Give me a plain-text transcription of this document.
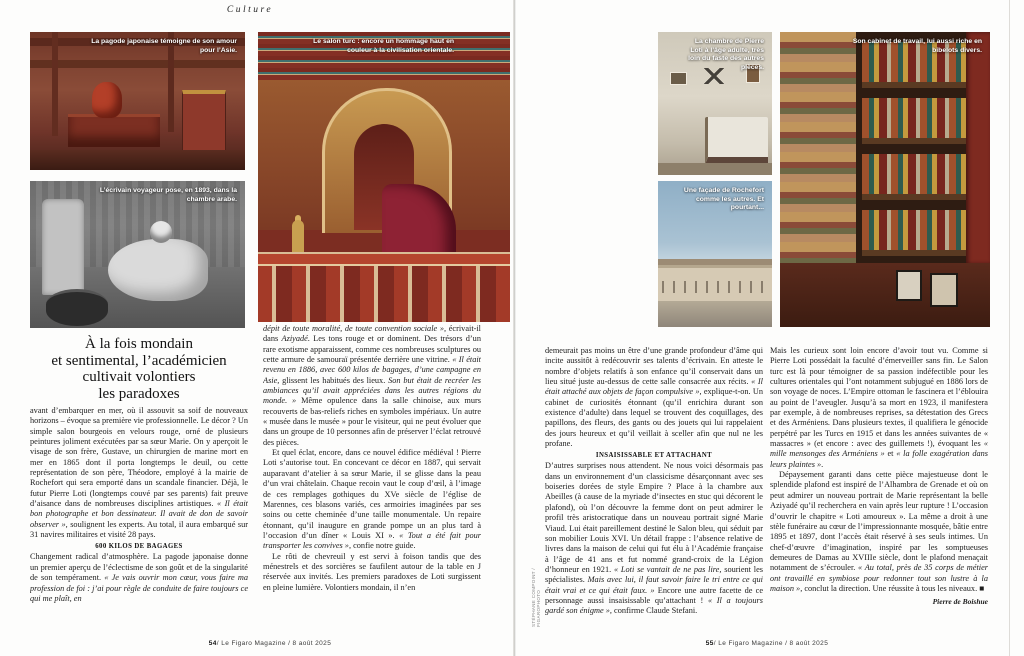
Culture
La pagode japonaise témoigne de son amour pour l’Asie.
L’écrivain voyageur pose, en 1893, dans la chambre arabe.
Le salon turc : encore un hommage haut en couleur à la civilisation orientale.
La chambre de Pierre Loti à l’âge adulte, très loin du faste des autres pièces.
Une façade de Rochefort comme les autres. Et pourtant...
Son cabinet de travail, lui aussi riche en bibelots divers.
À la fois mondain
et sentimental, l’académicien
cultivait volontiers
les paradoxes

avant d’embarquer en mer, où il assouvit sa soif de nouveaux horizons – évoque sa première vie professionnelle. Le décor ? Un simple salon bourgeois en velours rouge, orné de plusieurs peintures joliment exécutées par sa sœur Marie. On y aperçoit le visage de son frère, Gustave, un chirurgien de marine mort en mer en 1865 dont il porta longtemps le deuil, ou cette représentation de son père, Théodore, employé à la mairie de Rochefort qui sera emporté dans un scandale financier. Déjà, le futur Pierre Loti (longtemps couvé par ses parents) fait preuve d’aisance dans de nombreuses disciplines artistiques. « Il était bon photographe et bon dessinateur. Il avait de don de savoir observer », soulignent les experts. Au total, il aura embarqué sur 31 navires militaires et visité 28 pays.

600 KILOS DE BAGAGES

Changement radical d’atmosphère. La pagode japonaise donne un premier aperçu de l’éclectisme de son goût et de la singularité de son tempérament. « Je vais ouvrir mon cœur, vous faire ma profession de foi : j’ai pour règle de conduite de faire toujours ce qui me plaît, en

dépit de toute moralité, de toute convention sociale », écrivait-il dans Aziyadé. Les tons rouge et or dominent. Des trésors d’un rare exotisme apparaissent, comme ces nombreuses sculptures ou cette armure de samouraï présentée derrière une vitrine. « Il était revenu en 1886, avec 600 kilos de bagages, d’une campagne en Asie, glissent les habitués des lieux. Son but était de recréer les ambiances qu’il avait appréciées dans les autres régions du monde. » Même opulence dans la salle chinoise, aux murs recouverts de bas-reliefs riches en symboles impériaux. Un autre « musée dans le musée » pour le visiteur, qui ne peut évoluer que dans un groupe de 10 personnes afin de préserver l’éclat retrouvé des pièces.

Et quel éclat, encore, dans ce nouvel édifice médiéval ! Pierre Loti s’autorise tout. En concevant ce décor en 1887, qui servait auparavant d’atelier à sa sœur Marie, il se glisse dans la peau d’un vrai châtelain. Chaque recoin vaut le coup d’œil, à l’image de ces remplages gothiques du XVe siècle de l’église de Marennes, ces blasons variés, ces armoiries imaginées par ses soins ou cette cheminée d’une taille monumentale. Un repaire étonnant, qu’il inaugure en grande pompe un an plus tard à l’occasion d’un dîner « Louis XI ». « Tout a été fait pour transporter les convives », confie notre guide.

Le rôti de chevreuil y est servi à foison tandis que des ménestrels et des sorcières se faufilent autour de la table en J réservée aux invités. Les premiers paradoxes de Loti surgissent en pleine lumière. Volontiers mondain, il n’en

demeurait pas moins un être d’une grande profondeur d’âme qui incite aussitôt à redécouvrir ses talents d’écrivain. En atteste le nombre d’objets relatifs à son enfance qu’il conservait dans un lieu situé juste au-dessus de cette salle consacrée aux récits. « Il était attaché aux objets de façon compulsive », explique-t-on. Un cabinet de curiosités étonnant (qu’il enrichira durant son existence d’adulte) dans lequel se trouvent des coquillages, des papillons, des fleurs, des gants ou des jouets qui lui rappelaient des jours heureux et qu’il veillait à sceller afin que nul ne les profane.

INSAISISSABLE ET ATTACHANT

D’autres surprises nous attendent. Ne nous voici désormais pas dans un environnement d’un classicisme désarçonnant avec ses boiseries dorées de style Empire ? Place à la chambre aux Abeilles (à cause de la myriade d’insectes en stuc qui décorent le plafond), où l’on découvre la femme dont on peut admirer le profil très aristocratique dans un nouveau portrait signé Marie Viaud. Lui était pareillement destiné le Salon bleu, qui séduit par son mobilier Louis XVI. Un détail frappe : l’absence relative de livres dans la maison de celui qui fut élu à l’Académie française à l’âge de 41 ans et fut nommé grand-croix de la Légion d’honneur en 1921. « Loti se vantait de ne pas lire, sourient les spécialistes. Mais avec lui, il faut savoir faire le tri entre ce qui était vrai et ce qui était faux. » Encore une autre facette de ce personnage aussi insaisissable qu’attachant ! « Il a toujours gardé son énigme », confirme Claude Stefani.

Mais les curieux sont loin encore d’avoir tout vu. Comme si Pierre Loti possédait la faculté d’émerveiller sans fin. Le Salon turc est là pour témoigner de sa passion indéfectible pour les cultures orientales qui l’ont notamment subjugué en 1886 lors de son voyage de noces. L’Empire ottoman le fascinera et l’éblouira au point de l’aveugler. Jusqu’à sa mort en 1923, il manifestera par exemple, à de nombreuses reprises, sa détestation des Grecs et des Arméniens. Dans plusieurs textes, il qualifiera le génocide perpétré par les Turcs en 1915 et dans les années suivantes de « massacres » (et encore : avec des guillemets !), évoquant les « mille mensonges des Arméniens » et « la folle exagération dans leurs plaintes ».

Dépaysement garanti dans cette pièce majestueuse dont le splendide plafond est inspiré de l’Alhambra de Grenade et où on peut admirer un nouveau portrait de Marie représentant la belle Aziyadé qu’il recherchera en vain après leur rupture ! L’occasion d’ouvrir le chapitre « Loti amoureux ». La même a droit à une stèle funéraire au cœur de l’impressionnante mosquée, bâtie entre 1895 et 1897, dont l’accès était réservé à ses seuls intimes. Un chef-d’œuvre d’imagination, inspiré par les somptueuses demeures de Damas au XVIIIe siècle, dont le plafond menaçait notamment de s’écrouler. « Au total, près de 35 corps de métier ont travaillé en symbiose pour redonner tout son lustre à la maison », conclut la direction. Une réussite à tous les niveaux. ■

Pierre de Boishue
54/ Le Figaro Magazine / 8 août 2025	55/ Le Figaro Magazine / 8 août 2025
STÉPHANE COMPOINT / FIGAROPHOTO
